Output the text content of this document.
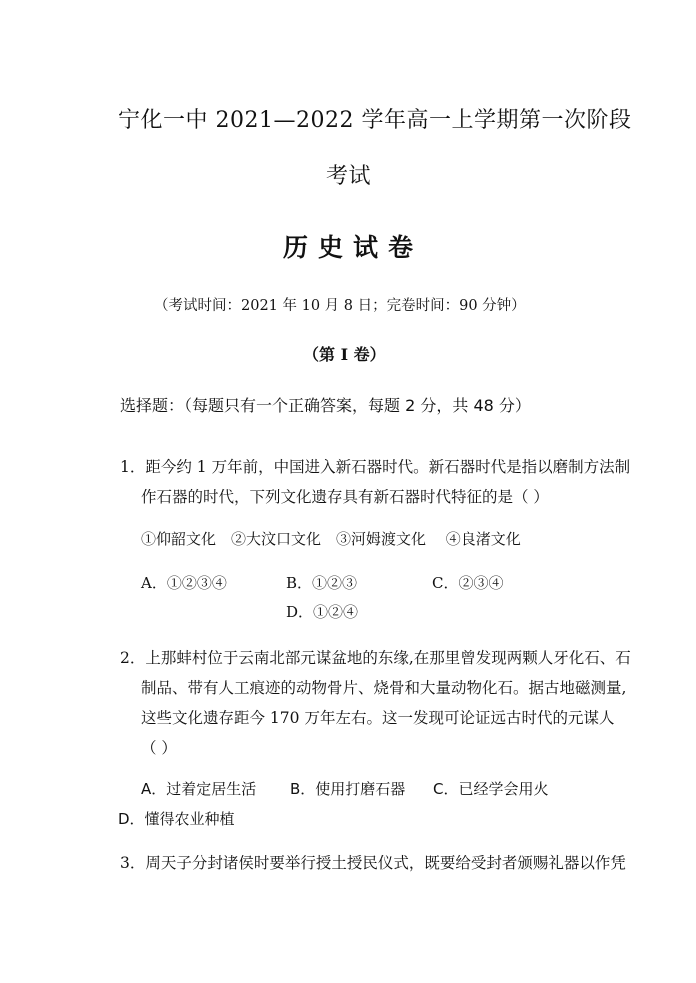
宁化一中 2021—2022 学年高一上学期第一次阶段
考试
历史试卷
（考试时间：2021 年 10 月 8 日；完卷时间：90 分钟）
（第 I 卷）
选择题：（每题只有一个正确答案，每题 2 分，共 48 分）
1．距今约 1 万年前，中国进入新石器时代。新石器时代是指以磨制方法制
作石器的时代，下列文化遗存具有新石器时代特征的是（ ）
①仰韶文化　②大汶口文化　③河姆渡文化　 ④良渚文化
A．①②③④	B．①②③	C．②③④
D．①②④
2．上那蚌村位于云南北部元谋盆地的东缘,在那里曾发现两颗人牙化石、石
制品、带有人工痕迹的动物骨片、烧骨和大量动物化石。据古地磁测量,
这些文化遗存距今 170 万年左右。这一发现可论证远古时代的元谋人
（ ）
A．过着定居生活 B．使用打磨石器 C．已经学会用火
D．懂得农业种植
3．周天子分封诸侯时要举行授土授民仪式，既要给受封者颁赐礼器以作凭
